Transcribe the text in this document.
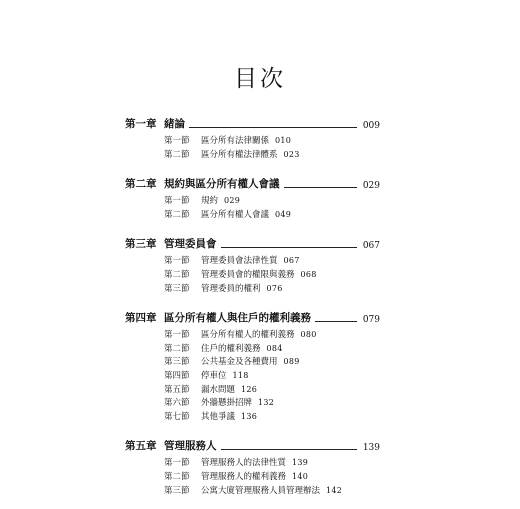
目次
第一章 緒論	009
第一節 區分所有法律關係 010
第二節 區分所有權法律體系 023
第二章 規約與區分所有權人會議	029
第一節 規約 029
第二節 區分所有權人會議 049
第三章 管理委員會	067
第一節 管理委員會法律性質 067
第二節 管理委員會的權限與義務 068
第三節 管理委員的權利 076
第四章 區分所有權人與住戶的權利義務	079
第一節 區分所有權人的權利義務 080
第二節 住戶的權利義務 084
第三節 公共基金及各種費用 089
第四節 停車位 118
第五節 漏水問題 126
第六節 外牆懸掛招牌 132
第七節 其他爭議 136
第五章 管理服務人	139
第一節 管理服務人的法律性質 139
第二節 管理服務人的權利義務 140
第三節 公寓大廈管理服務人員管理辦法 142
